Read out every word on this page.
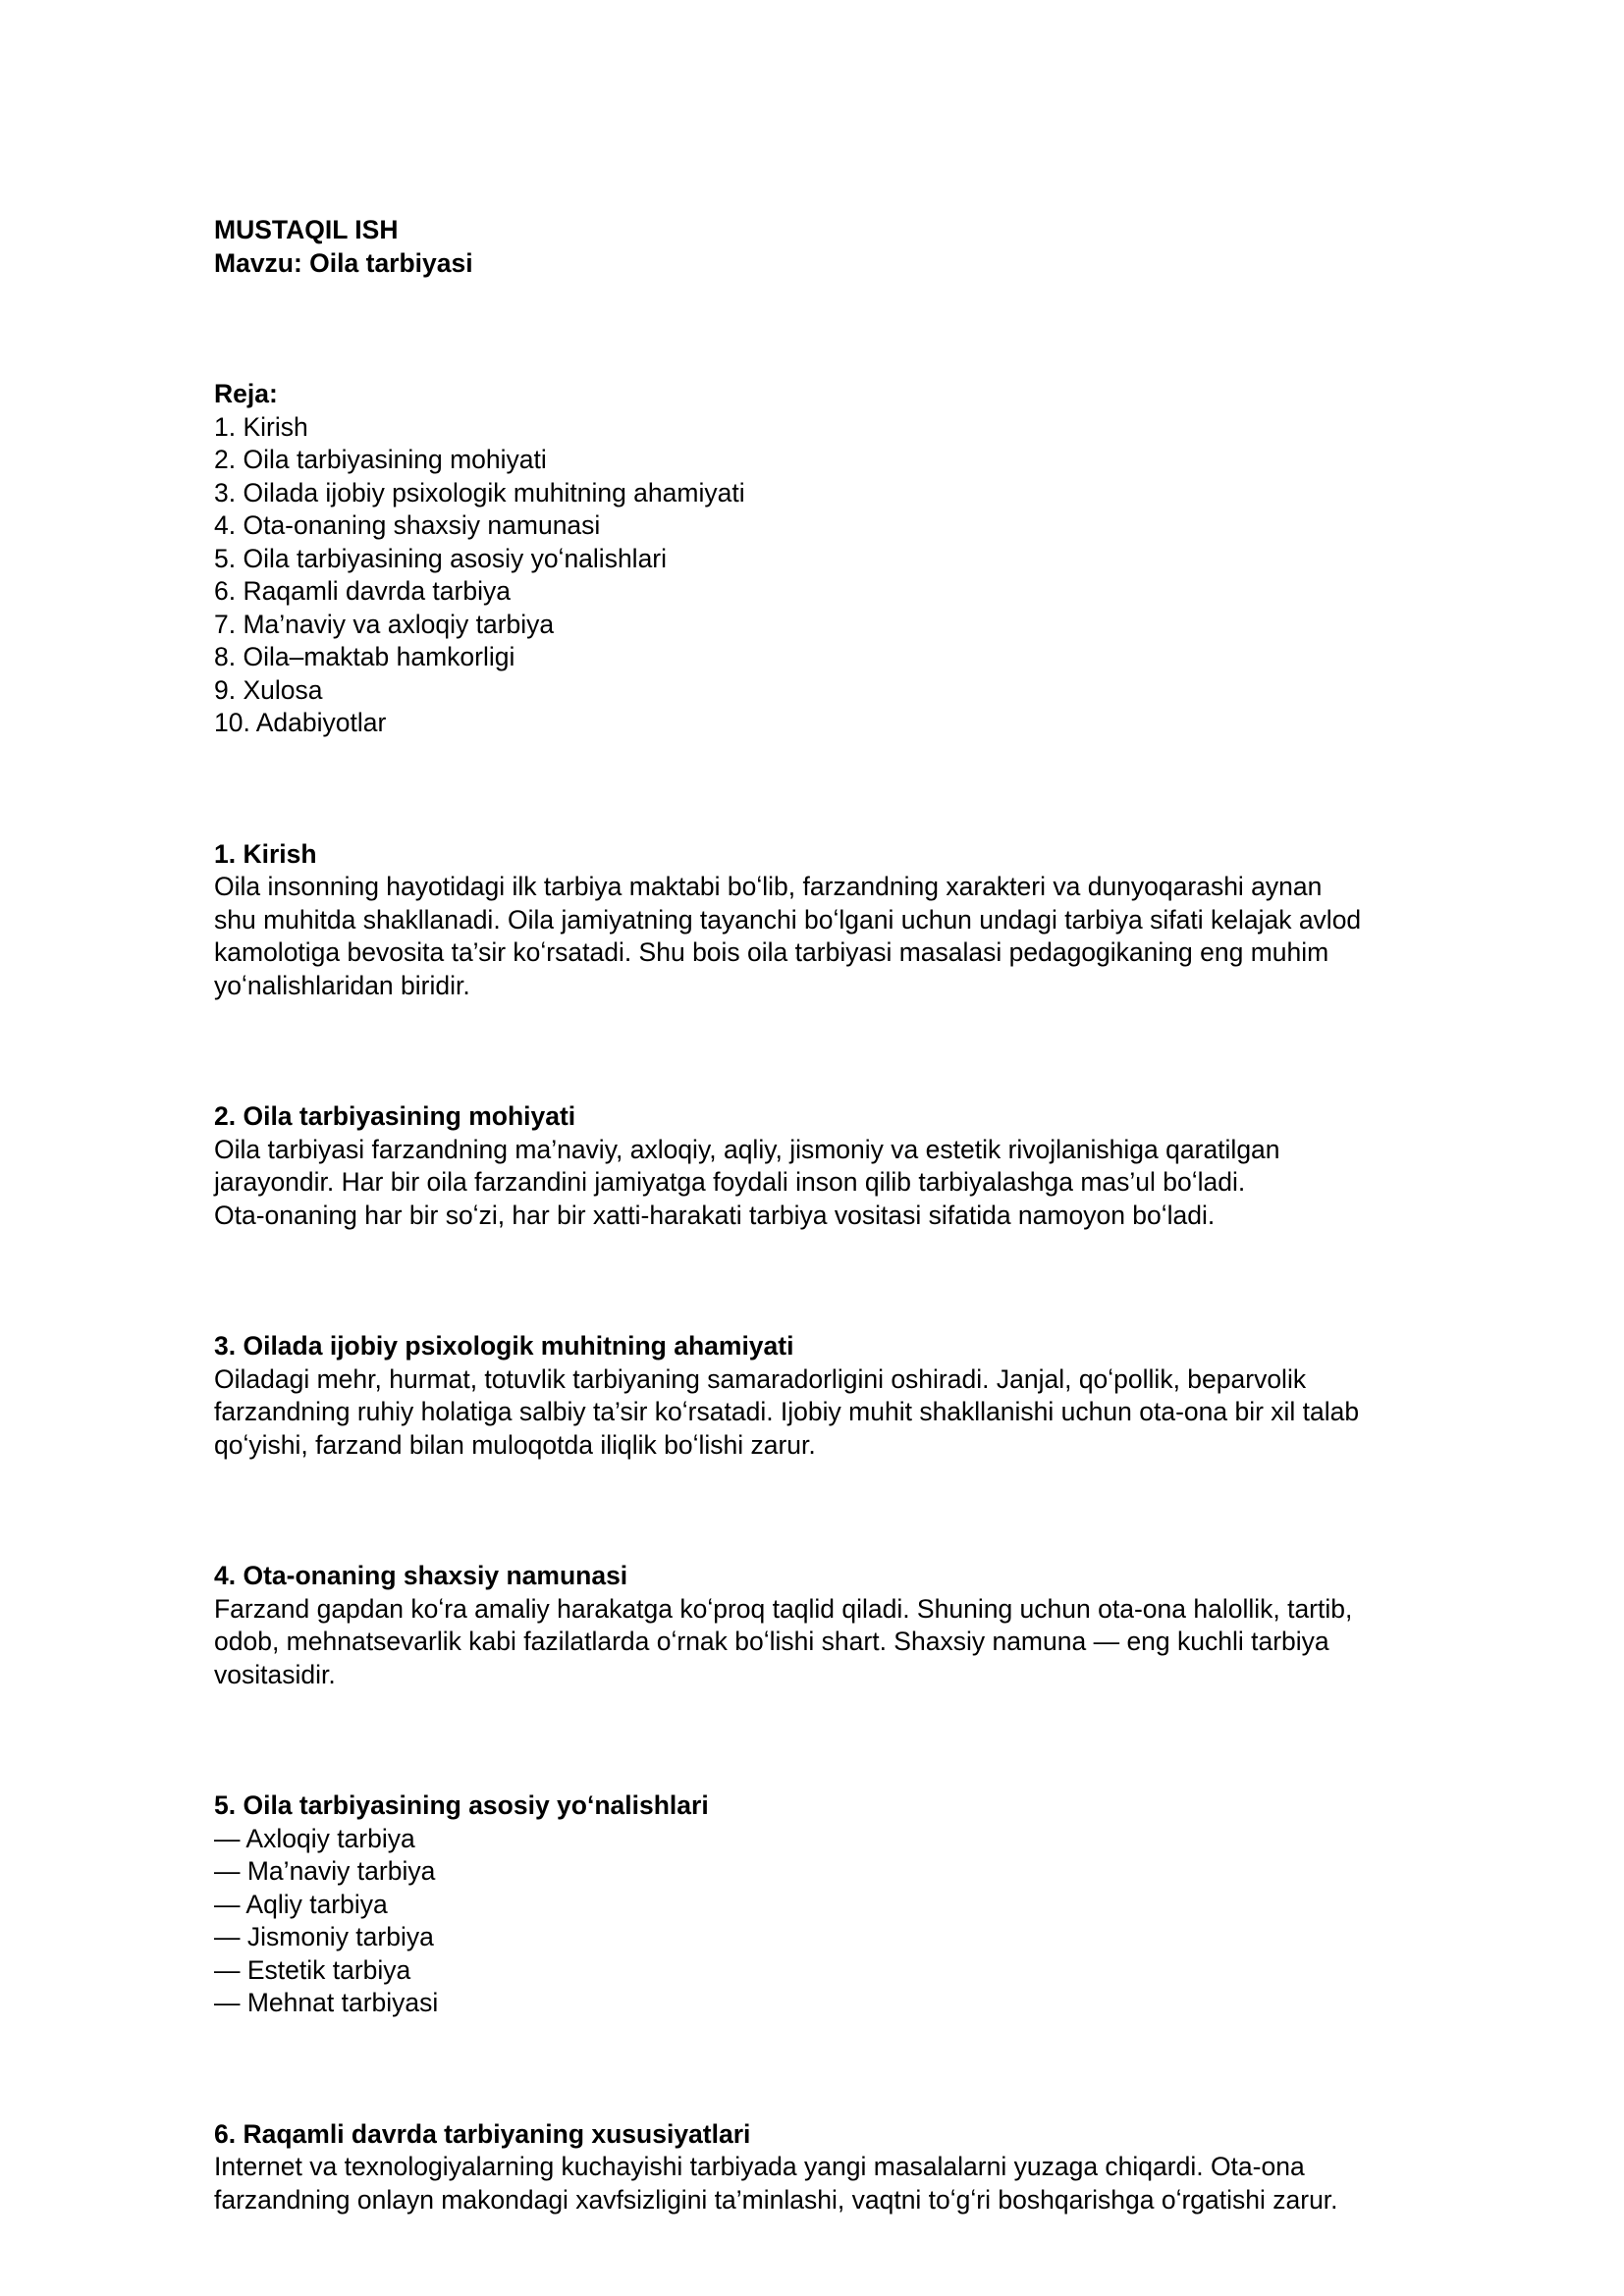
MUSTAQIL ISH
Mavzu: Oila tarbiyasi
Reja:
1. Kirish
2. Oila tarbiyasining mohiyati
3. Oilada ijobiy psixologik muhitning ahamiyati
4. Ota-onaning shaxsiy namunasi
5. Oila tarbiyasining asosiy yoʻnalishlari
6. Raqamli davrda tarbiya
7. Ma’naviy va axloqiy tarbiya
8. Oila–maktab hamkorligi
9. Xulosa
10. Adabiyotlar
1. Kirish
Oila insonning hayotidagi ilk tarbiya maktabi boʻlib, farzandning xarakteri va dunyoqarashi aynan
shu muhitda shakllanadi. Oila jamiyatning tayanchi boʻlgani uchun undagi tarbiya sifati kelajak avlod
kamolotiga bevosita ta’sir koʻrsatadi. Shu bois oila tarbiyasi masalasi pedagogikaning eng muhim
yoʻnalishlaridan biridir.
2. Oila tarbiyasining mohiyati
Oila tarbiyasi farzandning ma’naviy, axloqiy, aqliy, jismoniy va estetik rivojlanishiga qaratilgan
jarayondir. Har bir oila farzandini jamiyatga foydali inson qilib tarbiyalashga mas’ul boʻladi.
Ota-onaning har bir soʻzi, har bir xatti-harakati tarbiya vositasi sifatida namoyon boʻladi.
3. Oilada ijobiy psixologik muhitning ahamiyati
Oiladagi mehr, hurmat, totuvlik tarbiyaning samaradorligini oshiradi. Janjal, qoʻpollik, beparvolik
farzandning ruhiy holatiga salbiy ta’sir koʻrsatadi. Ijobiy muhit shakllanishi uchun ota-ona bir xil talab
qoʻyishi, farzand bilan muloqotda iliqlik boʻlishi zarur.
4. Ota-onaning shaxsiy namunasi
Farzand gapdan koʻra amaliy harakatga koʻproq taqlid qiladi. Shuning uchun ota-ona halollik, tartib,
odob, mehnatsevarlik kabi fazilatlarda oʻrnak boʻlishi shart. Shaxsiy namuna — eng kuchli tarbiya
vositasidir.
5. Oila tarbiyasining asosiy yoʻnalishlari
— Axloqiy tarbiya
— Ma’naviy tarbiya
— Aqliy tarbiya
— Jismoniy tarbiya
— Estetik tarbiya
— Mehnat tarbiyasi
6. Raqamli davrda tarbiyaning xususiyatlari
Internet va texnologiyalarning kuchayishi tarbiyada yangi masalalarni yuzaga chiqardi. Ota-ona
farzandning onlayn makondagi xavfsizligini ta’minlashi, vaqtni toʻgʻri boshqarishga oʻrgatishi zarur.
